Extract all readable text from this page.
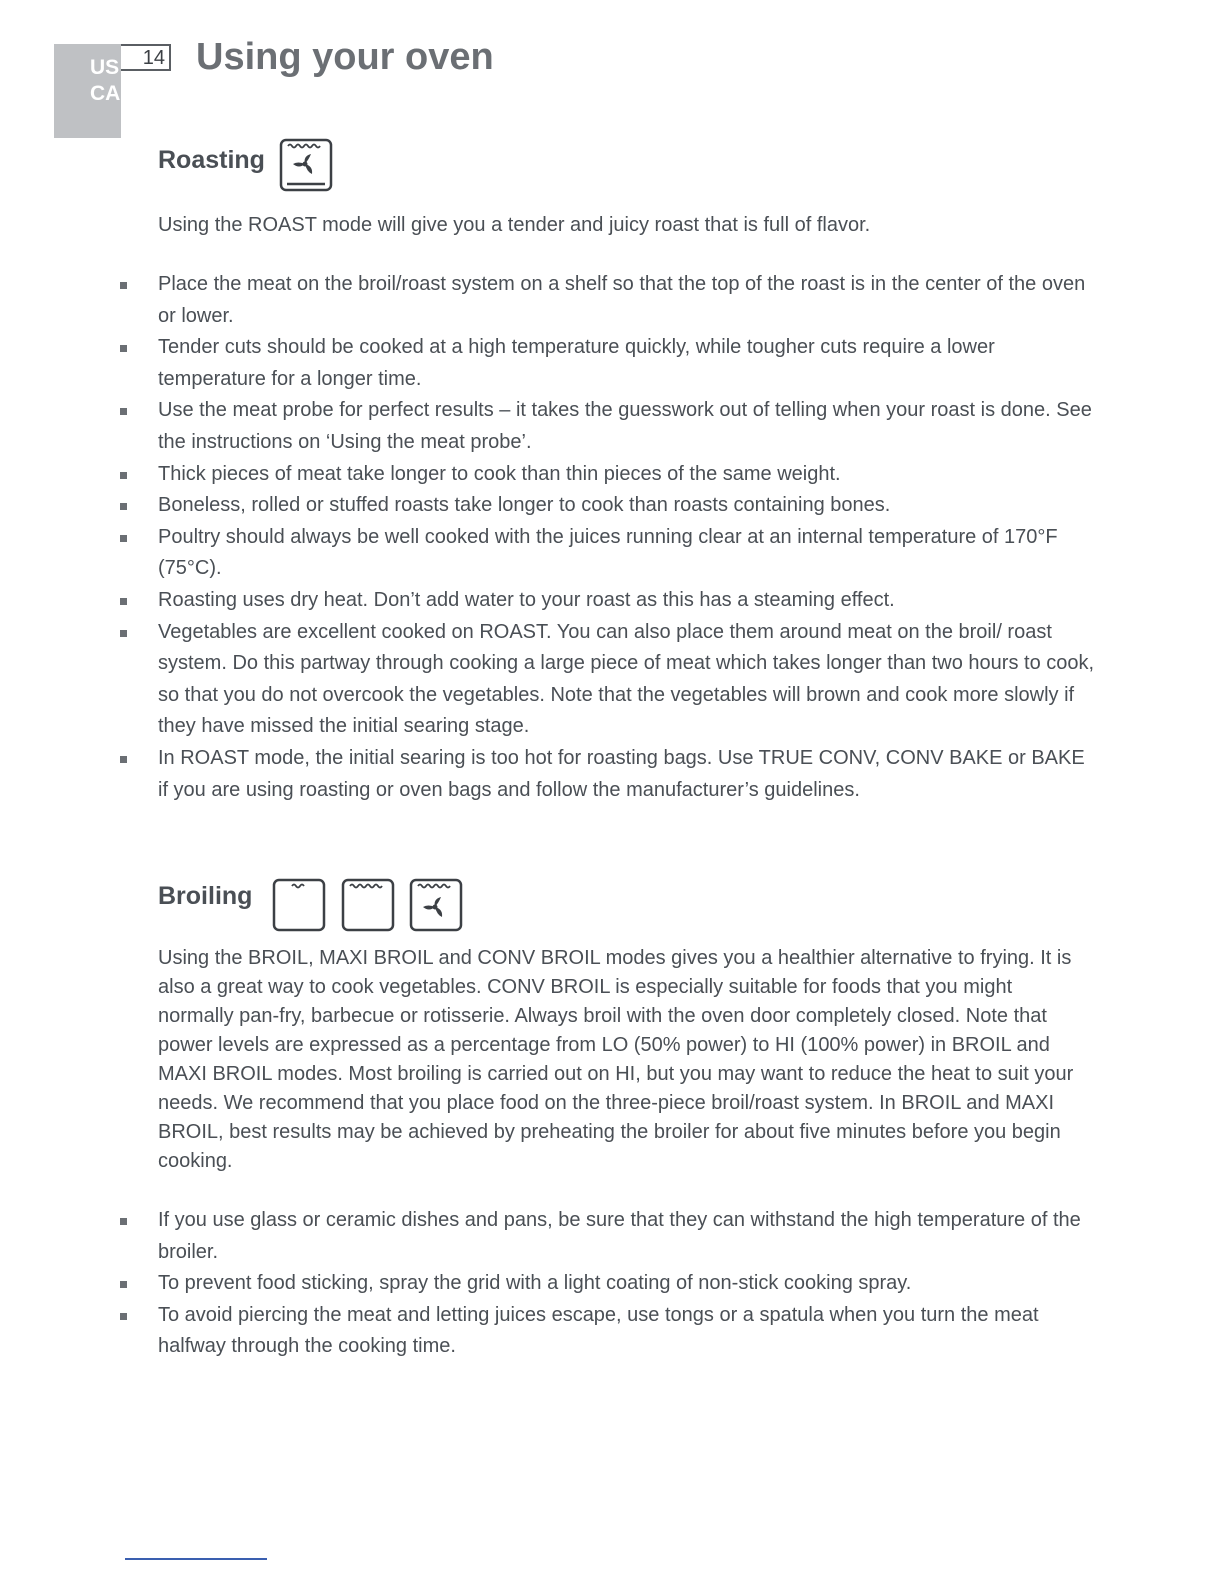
US
CA
14 Using your oven
Roasting

Using the ROAST mode will give you a tender and juicy roast that is full of flavor.

Place the meat on the broil/roast system on a shelf so that the top of the roast is in the center of the oven or lower.
Tender cuts should be cooked at a high temperature quickly, while tougher cuts require a lower temperature for a longer time.
Use the meat probe for perfect results – it takes the guesswork out of telling when your roast is done. See the instructions on ‘Using the meat probe’.
Thick pieces of meat take longer to cook than thin pieces of the same weight.
Boneless, rolled or stuffed roasts take longer to cook than roasts containing bones.
Poultry should always be well cooked with the juices running clear at an internal temperature of 170°F (75°C).
Roasting uses dry heat. Don’t add water to your roast as this has a steaming effect.
Vegetables are excellent cooked on ROAST. You can also place them around meat on the broil/ roast system. Do this partway through cooking a large piece of meat which takes longer than two hours to cook, so that you do not overcook the vegetables. Note that the vegetables will brown and cook more slowly if they have missed the initial searing stage.
In ROAST mode, the initial searing is too hot for roasting bags. Use TRUE CONV, CONV BAKE or BAKE if you are using roasting or oven bags and follow the manufacturer’s guidelines.
Broiling

Using the BROIL, MAXI BROIL and CONV BROIL modes gives you a healthier alternative to frying. It is also a great way to cook vegetables. CONV BROIL is especially suitable for foods that you might normally pan-fry, barbecue or rotisserie. Always broil with the oven door completely closed. Note that power levels are expressed as a percentage from LO (50% power) to HI (100% power) in BROIL and MAXI BROIL modes. Most broiling is carried out on HI, but you may want to reduce the heat to suit your needs. We recommend that you place food on the three-piece broil/roast system. In BROIL and MAXI BROIL, best results may be achieved by preheating the broiler for about five minutes before you begin cooking.

If you use glass or ceramic dishes and pans, be sure that they can withstand the high temperature of the broiler.
To prevent food sticking, spray the grid with a light coating of non-stick cooking spray.
To avoid piercing the meat and letting juices escape, use tongs or a spatula when you turn the meat halfway through the cooking time.
